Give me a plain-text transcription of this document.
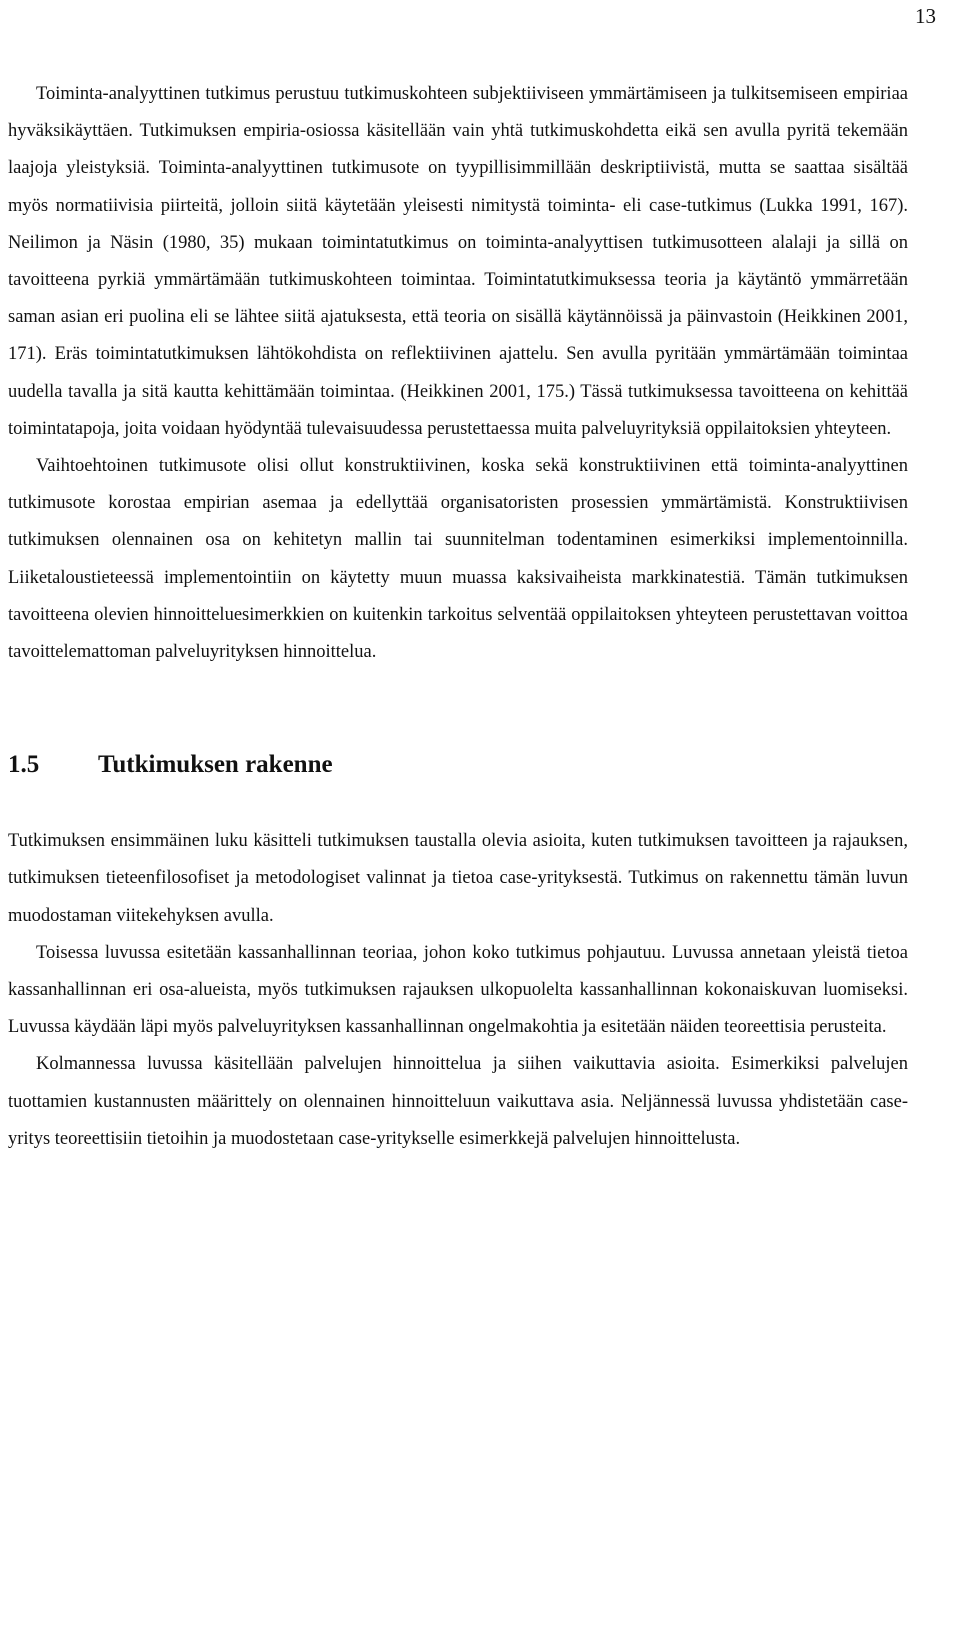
13

Toiminta-analyyttinen tutkimus perustuu tutkimuskohteen subjektiiviseen ymmärtämiseen ja tulkitsemiseen empiriaa hyväksikäyttäen. Tutkimuksen empiria-osiossa käsitellään vain yhtä tutkimuskohdetta eikä sen avulla pyritä tekemään laajoja yleistyksiä. Toiminta-analyyttinen tutkimusote on tyypillisimmillään deskriptiivistä, mutta se saattaa sisältää myös normatiivisia piirteitä, jolloin siitä käytetään yleisesti nimitystä toiminta- eli case-tutkimus (Lukka 1991, 167). Neilimon ja Näsin (1980, 35) mukaan toimintatutkimus on toiminta-analyyttisen tutkimusotteen alalaji ja sillä on tavoitteena pyrkiä ymmärtämään tutkimuskohteen toimintaa. Toimintatutkimuksessa teoria ja käytäntö ymmärretään saman asian eri puolina eli se lähtee siitä ajatuksesta, että teoria on sisällä käytännöissä ja päinvastoin (Heikkinen 2001, 171). Eräs toimintatutkimuksen lähtökohdista on reflektiivinen ajattelu. Sen avulla pyritään ymmärtämään toimintaa uudella tavalla ja sitä kautta kehittämään toimintaa. (Heikkinen 2001, 175.) Tässä tutkimuksessa tavoitteena on kehittää toimintatapoja, joita voidaan hyödyntää tulevaisuudessa perustettaessa muita palveluyrityksiä oppilaitoksien yhteyteen.

Vaihtoehtoinen tutkimusote olisi ollut konstruktiivinen, koska sekä konstruktiivinen että toiminta-analyyttinen tutkimusote korostaa empirian asemaa ja edellyttää organisatoristen prosessien ymmärtämistä. Konstruktiivisen tutkimuksen olennainen osa on kehitetyn mallin tai suunnitelman todentaminen esimerkiksi implementoinnilla. Liiketaloustieteessä implementointiin on käytetty muun muassa kaksivaiheista markkinatestiä. Tämän tutkimuksen tavoitteena olevien hinnoitteluesimerkkien on kuitenkin tarkoitus selventää oppilaitoksen yhteyteen perustettavan voittoa tavoittelemattoman palveluyrityksen hinnoittelua.

1.5	Tutkimuksen rakenne

Tutkimuksen ensimmäinen luku käsitteli tutkimuksen taustalla olevia asioita, kuten tutkimuksen tavoitteen ja rajauksen, tutkimuksen tieteenfilosofiset ja metodologiset valinnat ja tietoa case-yrityksestä. Tutkimus on rakennettu tämän luvun muodostaman viitekehyksen avulla.

Toisessa luvussa esitetään kassanhallinnan teoriaa, johon koko tutkimus pohjautuu. Luvussa annetaan yleistä tietoa kassanhallinnan eri osa-alueista, myös tutkimuksen rajauksen ulkopuolelta kassanhallinnan kokonaiskuvan luomiseksi. Luvussa käydään läpi myös palveluyrityksen kassanhallinnan ongelmakohtia ja esitetään näiden teoreettisia perusteita.

Kolmannessa luvussa käsitellään palvelujen hinnoittelua ja siihen vaikuttavia asioita. Esimerkiksi palvelujen tuottamien kustannusten määrittely on olennainen hinnoitteluun vaikuttava asia. Neljännessä luvussa yhdistetään case-yritys teoreettisiin tietoihin ja muodostetaan case-yritykselle esimerkkejä palvelujen hinnoittelusta.
